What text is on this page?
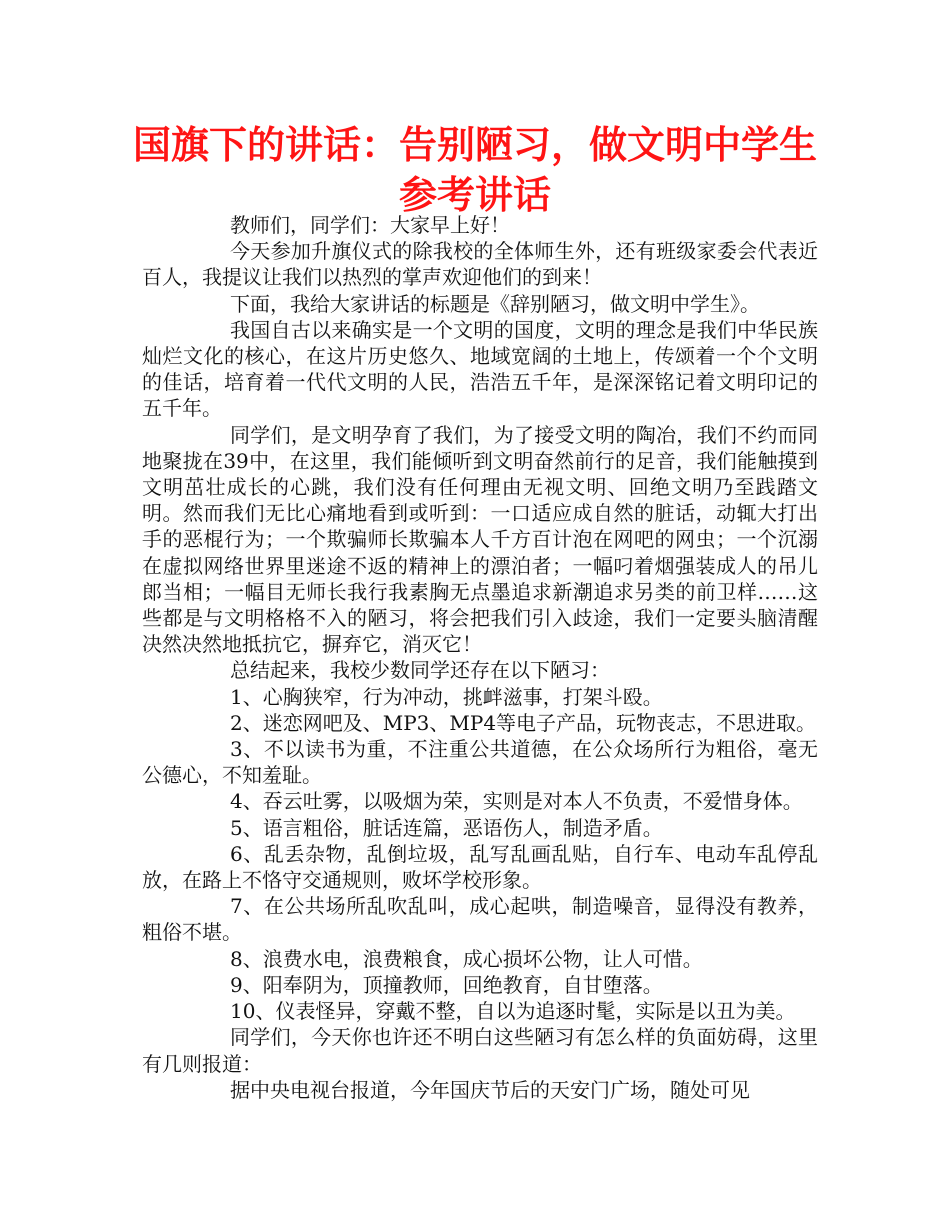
国旗下的讲话：告别陋习，做文明中学生
参考讲话

教师们，同学们：大家早上好！

今天参加升旗仪式的除我校的全体师生外，还有班级家委会代表近百人，我提议让我们以热烈的掌声欢迎他们的到来！

下面，我给大家讲话的标题是《辞别陋习，做文明中学生》。

我国自古以来确实是一个文明的国度，文明的理念是我们中华民族灿烂文化的核心，在这片历史悠久、地域宽阔的土地上，传颂着一个个文明的佳话，培育着一代代文明的人民，浩浩五千年，是深深铭记着文明印记的五千年。

同学们，是文明孕育了我们，为了接受文明的陶冶，我们不约而同地聚拢在39中，在这里，我们能倾听到文明奋然前行的足音，我们能触摸到文明茁壮成长的心跳，我们没有任何理由无视文明、回绝文明乃至践踏文明。然而我们无比心痛地看到或听到：一口适应成自然的脏话，动辄大打出手的恶棍行为；一个欺骗师长欺骗本人千方百计泡在网吧的网虫；一个沉溺在虚拟网络世界里迷途不返的精神上的漂泊者；一幅叼着烟强装成人的吊儿郎当相；一幅目无师长我行我素胸无点墨追求新潮追求另类的前卫样……这些都是与文明格格不入的陋习，将会把我们引入歧途，我们一定要头脑清醒决然决然地抵抗它，摒弃它，消灭它！

总结起来，我校少数同学还存在以下陋习：

1、心胸狭窄，行为冲动，挑衅滋事，打架斗殴。

2、迷恋网吧及、MP3、MP4等电子产品，玩物丧志，不思进取。

3、不以读书为重，不注重公共道德，在公众场所行为粗俗，毫无公德心，不知羞耻。

4、吞云吐雾，以吸烟为荣，实则是对本人不负责，不爱惜身体。

5、语言粗俗，脏话连篇，恶语伤人，制造矛盾。

6、乱丢杂物，乱倒垃圾，乱写乱画乱贴，自行车、电动车乱停乱放，在路上不恪守交通规则，败坏学校形象。

7、在公共场所乱吹乱叫，成心起哄，制造噪音，显得没有教养，粗俗不堪。

8、浪费水电，浪费粮食，成心损坏公物，让人可惜。

9、阳奉阴为，顶撞教师，回绝教育，自甘堕落。

10、仪表怪异，穿戴不整，自以为追逐时髦，实际是以丑为美。

同学们，今天你也许还不明白这些陋习有怎么样的负面妨碍，这里有几则报道：

据中央电视台报道，今年国庆节后的天安门广场，随处可见
